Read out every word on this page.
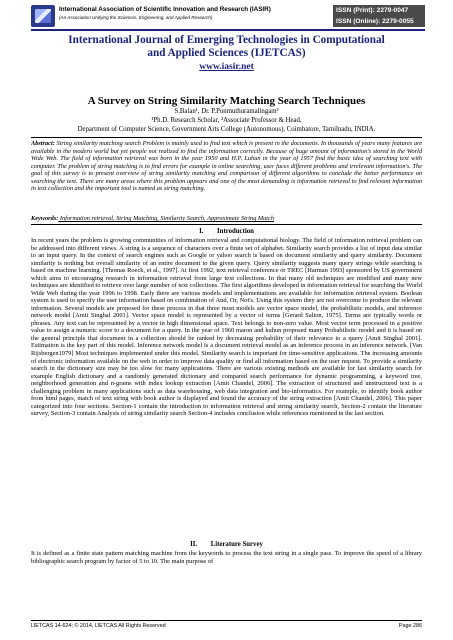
International Association of Scientific Innovation and Research (IASIR)
(An Association Unifying the Sciences, Engineering, and Applied Research)
ISSN (Print): 2279-0047
ISSN (Online): 2279-0055
International Journal of Emerging Technologies in Computational
and Applied Sciences (IJETCAS)
www.iasir.net
A Survey on String Similarity Matching Search Techniques
S.Balan¹, Dr. P.Ponmuthuramalingam²
¹Ph.D. Research Scholar, ²Associate Professor & Head,
Department of Computer Science, Government Arts College (Autonomous), Coimbatore, Tamilnadu, INDIA.
Abstract: String similarity matching search Problem is mainly used to find text which is present in the documents. In thousands of years many features are available in the modern world but yet people not realized to find the information correctly. Because of huge amount of information's stored in the World Wide Web. The field of information retrieval was born in the year 1950 and H.P. Luhun in the year of 1957 find the basic idea of searching text with computer. The problem of string matching is to find errors for example in online searching, user faces different problems and irrelevant information's. The goal of this survey is to present overview of string similarity matching and comparison of different algorithms to conclude the better performance on searching the text. There are many areas where this problem appears and one of the most demanding is information retrieval to find relevant information in text collection and the important tool is named as string matching.
Keywords: Information retrieval, String Matching, Similarity Search, Approximate String Match
I.  Introduction
In recent years the problem is growing communities of information retrieval and computational biology. The field of information retrieval problem can be addressed into different views. A string is a sequence of characters over a finite set of alphabet. Similarity search provides a list of input data similar to an input query. In the context of search engines such as Google or yahoo search is based on document similarity and query similarity. Document similarity is nothing but overall similarity of an entire document to the given query. Query similarity suggests many query strings while searching is based on machine learning. [Thomas Roeck, et al., 1997]. At first 1992, text retrieval conference or TREC [Harman 1993] sponsored by US government which aims to encouraging research in information retrieval from large text collections. In that many old techniques are modified and many new techniques are identified to retrieve over large number of text collections. The first algorithms developed in information retrieval for searching the World Wide Web during the year 1996 to 1998. Early there are various models and implementations are available for information retrieval system. Boolean system is used to specify the user information based on combination of And, Or, Not's. Using this system they are not overcome to produce the relevant information. Several models are proposed for these process in that three most models are vector space model, the probabilistic models, and inference network model [Amit Singhal 2001]. Vector space model is represented by a vector of terms [Gerard Salton, 1975]. Terms are typically words or phrases. Any text can be represented by a vector in high dimensional space. Text belongs to non-zero value. Most vector term processed in a positive value to assign a numeric score to a document for a query. In the year of 1960 maron and kuhun proposed many Probabilistic model and it is based on the general principle that document in a collection should be ranked by decreasing probability of their relevance to a query [Amit Singhal 2001]. Estimation is the key part of this model. Inference network model is a document retrieval model as an inference process in an inference network. [Van Rijsbergen1979] Most techniques implemented under this model. Similarity search is important for time-sensitive applications. The increasing amounts of electronic information available on the web in order to improve data quality or find all information based on the user request. To provide a similarity search in the dictionary size may be too slow for many applications. There are various existing methods are available for fast similarity search for example English dictionary and a randomly generated dictionary and compared search performance for dynamic programming, a keyword tree, neighborhood generation and n-grams with index lookup extraction [Amit Chandel, 2006]. The extraction of structured and unstructured text is a challenging problem in many applications such as data warehousing, web data integration and bio-informatics. For example, to identify book author from html pages, match of text string with book author is displayed and found the accuracy of the string extraction [Amit Chandel, 2006]. This paper categorized into four sections. Section-1 contain the introduction to information retrieval and string similarity search, Section-2 contain the literature survey, Section-3 contain Analysis of string similarity search Section-4 includes conclusion while references mentioned in the last section.
II.  Literature Survey
It is defined as a finite state pattern matching machine from the keywords to process the text string in a single pass. To improve the speed of a library bibliographic search program by factor of 5 to 10. The main purpose of
IJETCAS 14-624; © 2014, IJETCAS All Rights Reserved	Page 286
